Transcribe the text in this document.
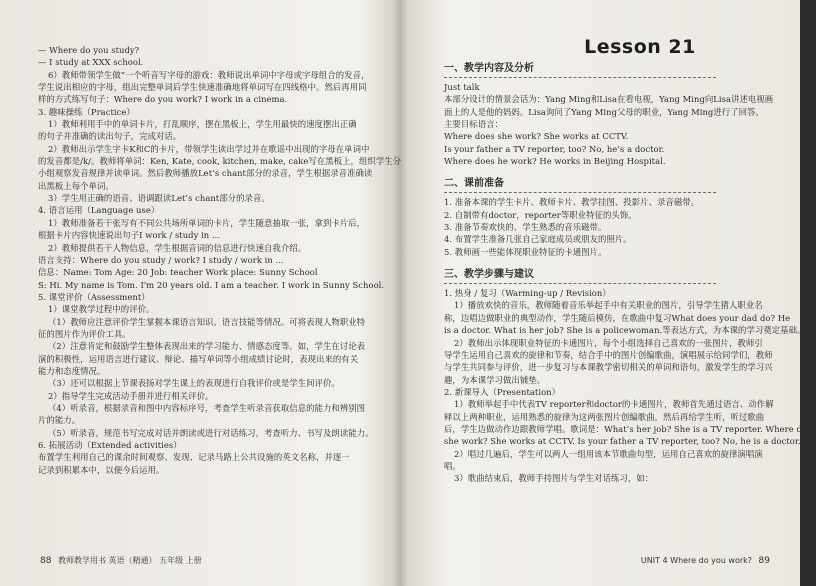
— Where do you study?
— I study at XXX school.
6）教师带领学生做“一个听音写字母的游戏：教师说出单词中字母或字母组合的发音，
学生说出相应的字母，组出完整单词后学生快速准确地将单词写在四线格中。然后再用同
样的方式练写句子：Where do you work? I work in a cinema.
3. 趣味操练（Practice）
1）教师利用手中的单词卡片，打乱顺序，摆在黑板上，学生用最快的速度摆出正确
的句子并准确的读出句子，完成对话。
2）教师出示学生字卡K和C的卡片，带领学生读出学过并在歌谣中出现的字母在单词中
的发音都是/k/。教师将单词：Ken, Kate, cook, kitchen, make, cake写在黑板上，组织学生分
小组观察发音规律并读单词。然后教师播放Let’s chant部分的录音，学生根据录音准确读
出黑板上每个单词。
3）学生用正确的语音、语调跟读Let’s chant部分的录音。
4. 语言运用（Language use）
1）教师准备若干张写有不同公共场所单词的卡片，学生随意抽取一张，拿到卡片后，
根据卡片内容快速说出句子I work / study in ...
2）教师提供若干人物信息，学生根据音词的信息进行快速自我介绍。
语言支持：Where do you study / work? I study / work in ...
信息：Name: Tom Age: 20 Job: teacher Work place: Sunny School
S: Hi. My name is Tom. I'm 20 years old. I am a teacher. I work in Sunny School.
5. 课堂评价（Assessment）
1）课堂教学过程中的评价。
（1）教师应注意评价学生掌握本课语言知识、语言技能等情况。可将表现人物职业特
征的图片作为评价工具。
（2）注意肯定和鼓励学生整体表现出来的学习能力、情感态度等。如，学生在讨论表
演的积极性，运用语言进行建议、辩论、描写单词等小组成绩讨论时，表现出来的有关
能力和态度情况。
（3）还可以根据上节课表扬对学生课上的表现进行自我评价或是学生间评价。
2）指导学生完成活动手册并进行相关评价。
（4）听录音，根据录音和图中内容标序号，考查学生听录音获取信息的能力和辨别图
片的能力。
（5）听录音，规范书写完成对话并朗读或进行对话练习，考查听力、书写及朗读能力。
6. 拓展活动（Extended activities）
布置学生利用自己的课余时间观察、发现、记录马路上公共设施的英文名称，并逐一
记录到积累本中，以便今后运用。
88 教师教学用书 英语（精通） 五年级 上册
Lesson 21
一、教学内容及分析
Just talk
本部分设计的情景会话为：Yang Ming和Lisa在看电视，Yang Ming向Lisa讲述电视画
面上的人是他的妈妈。Lisa询问了Yang Ming父母的职业，Yang Ming进行了回答。
主要目标语言：
Where does she work? She works at CCTV.
Is your father a TV reporter, too? No, he’s a doctor.
Where does he work? He works in Beijing Hospital.
二、课前准备
1. 准备本课的学生卡片、教师卡片、教学挂图、投影片、录音磁带。
2. 自制带有doctor，reporter等职业特征的头饰。
3. 准备节奏欢快的、学生熟悉的音乐磁带。
4. 布置学生准备几张自己家庭成员或朋友的照片。
5. 教师画一些能体现职业特征的卡通图片。
三、教学步骤与建议
1. 热身 / 复习（Warming-up / Revision）
1）播放欢快的音乐，教师随着音乐举起手中有关职业的图片，引导学生猜人职业名
称，边唱边做职业的典型动作，学生随后模仿，在歌曲中复习What does your dad do? He
is a doctor. What is her job? She is a policewoman.等表达方式，为本课的学习奠定基础。
2）教师出示体现职业特征的卡通图片，每个小组选择自己喜欢的一张图片，教师引
导学生运用自己喜欢的旋律和节奏，结合手中的图片创编歌曲，演唱展示给同学们，教师
与学生共同参与评价，进一步复习与本课教学密切相关的单词和语句，激发学生的学习兴
趣，为本课学习做出铺垫。
2. 新课导入（Presentation）
1）教师举起手中代表TV reporter和doctor的卡通图片，教师首先通过语言、动作解
释以上两种职业，运用熟悉的旋律为这两张图片创编歌曲，然后再给学生听，听过歌曲
后，学生边做动作边跟教师学唱。歌词是：What’s her job? She is a TV reporter. Where does
she work? She works at CCTV. Is your father a TV reporter, too? No, he is a doctor.
2）唱过几遍后，学生可以两人一组用该本节歌曲句型，运用自己喜欢的旋律演唱演
唱。
3）歌曲结束后，教师手持图片与学生对话练习，如：
UNIT 4 Where do you work? 89
